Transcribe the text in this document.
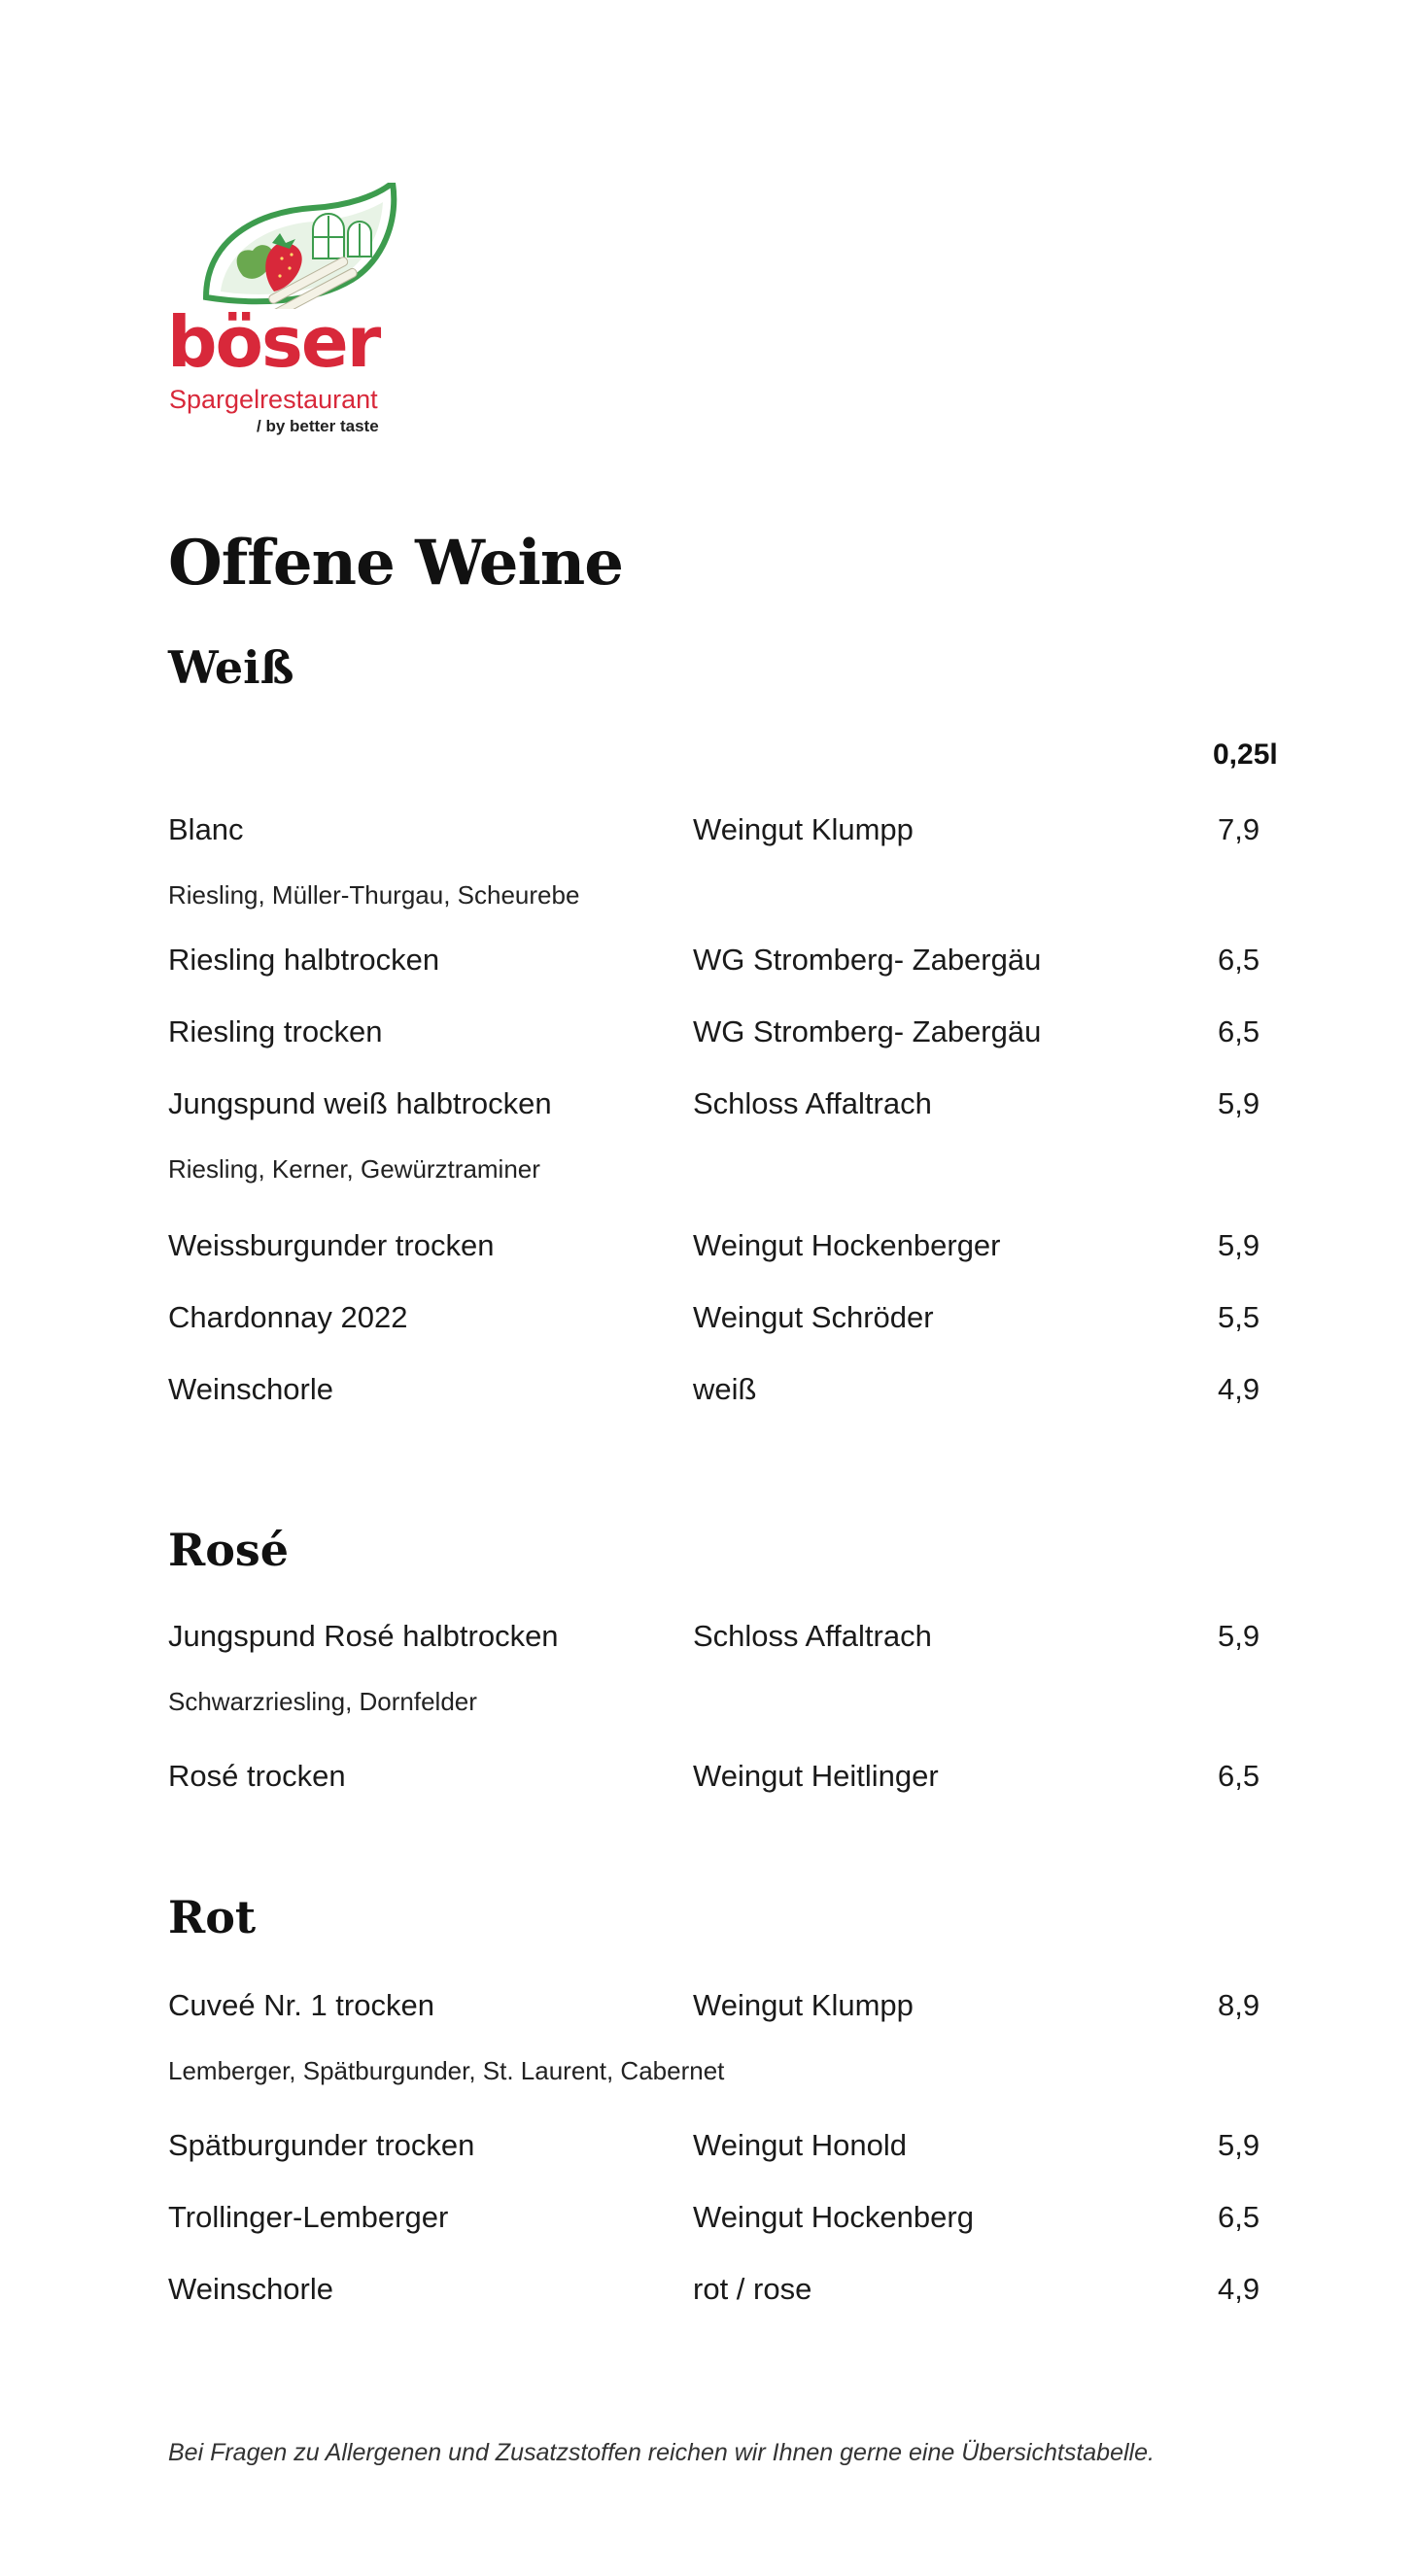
böser
Spargelrestaurant
/ by better taste
Offene Weine
Weiß
0,25l
Blanc	Weingut Klumpp	7,9
Riesling, Müller-Thurgau, Scheurebe
Riesling halbtrocken	WG Stromberg- Zabergäu	6,5
Riesling trocken	WG Stromberg- Zabergäu	6,5
Jungspund weiß halbtrocken	Schloss Affaltrach	5,9
Riesling, Kerner, Gewürztraminer
Weissburgunder trocken	Weingut Hockenberger	5,9
Chardonnay 2022	Weingut Schröder	5,5
Weinschorle	weiß	4,9
Rosé
Jungspund Rosé halbtrocken	Schloss Affaltrach	5,9
Schwarzriesling, Dornfelder
Rosé trocken	Weingut Heitlinger	6,5
Rot
Cuveé Nr. 1 trocken	Weingut Klumpp	8,9
Lemberger, Spätburgunder, St. Laurent, Cabernet
Spätburgunder trocken	Weingut Honold	5,9
Trollinger-Lemberger	Weingut Hockenberg	6,5
Weinschorle	rot / rose	4,9
Bei Fragen zu Allergenen und Zusatzstoffen reichen wir Ihnen gerne eine Übersichtstabelle.
